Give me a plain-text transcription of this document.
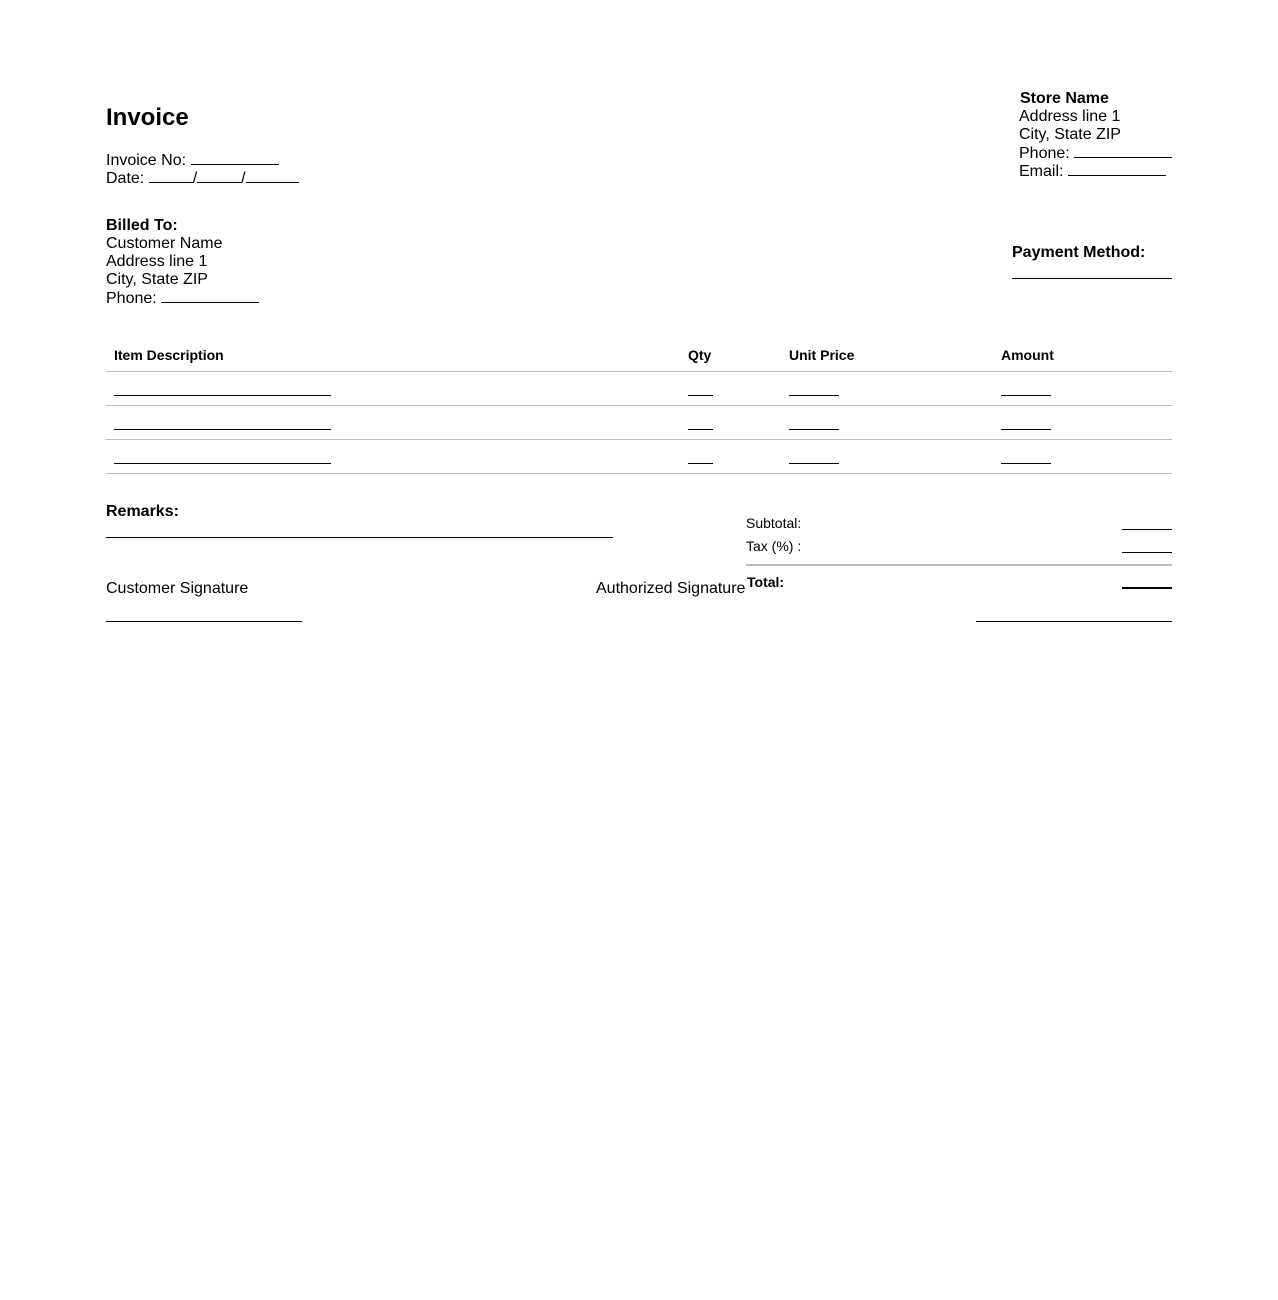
Invoice
Invoice No:
Date:	/	/
Store Name
Address line 1
City, State ZIP
Phone:
Email:
Billed To:
Customer Name
Address line 1
City, State ZIP
Phone:
Payment Method:
Item Description	Qty	Unit Price	Amount
Remarks:
Subtotal:
Tax (%) :
Total:
Customer Signature	Authorized Signature
